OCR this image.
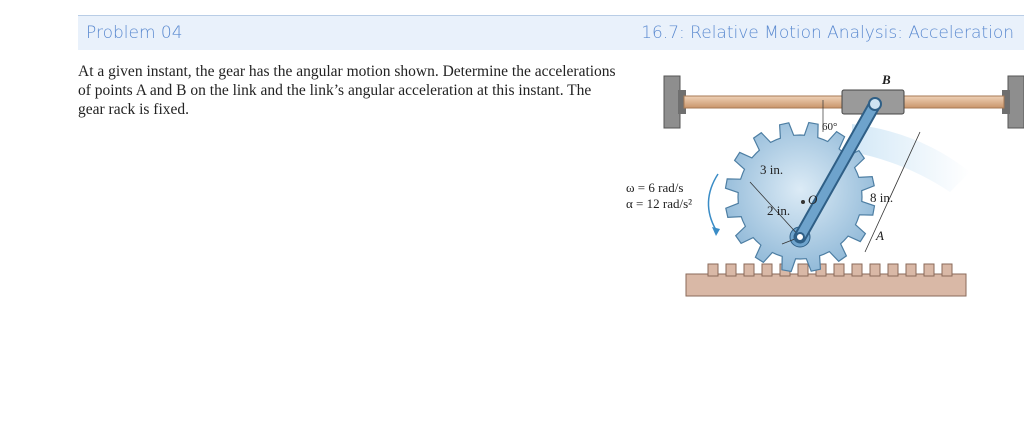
Problem 04	16.7: Relative Motion Analysis: Acceleration
At a given instant, the gear has the angular motion shown. Determine the accelerations of points A and B on the link and the link’s angular acceleration at this instant. The gear rack is fixed.
B
8 in.
60°
3 in.
2 in.
O
A
ω = 6 rad/s
α = 12 rad/s²
